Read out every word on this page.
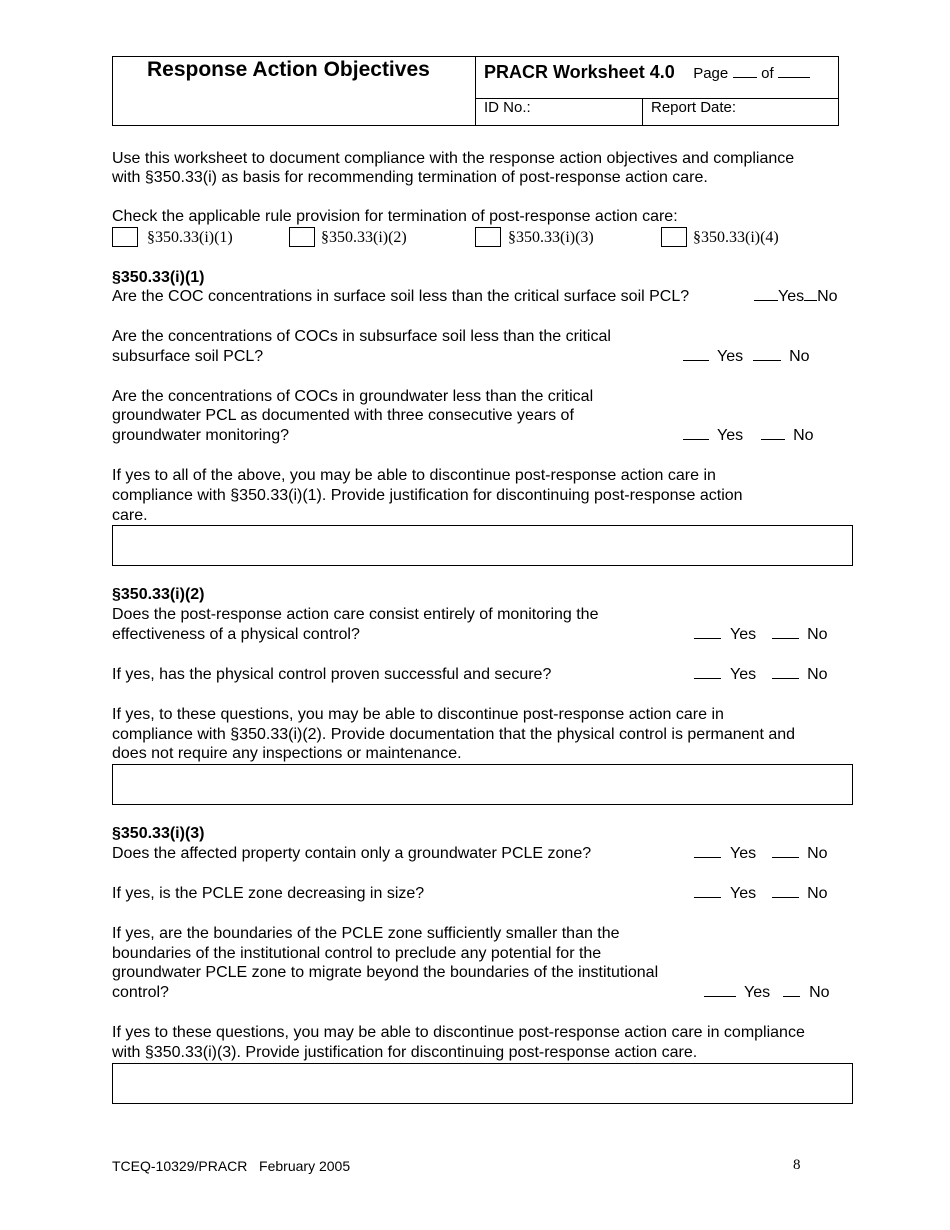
Response Action Objectives	PRACR Worksheet 4.0 Page of
ID No.:	Report Date:
Use this worksheet to document compliance with the response action objectives and compliance
with §350.33(i) as basis for recommending termination of post-response action care.
Check the applicable rule provision for termination of post-response action care:
§350.33(i)(1)	§350.33(i)(2)	§350.33(i)(3)	§350.33(i)(4)
§350.33(i)(1)
Are the COC concentrations in surface soil less than the critical surface soil PCL?	Yes No
Are the concentrations of COCs in subsurface soil less than the critical
subsurface soil PCL?	Yes	No
Are the concentrations of COCs in groundwater less than the critical
groundwater PCL as documented with three consecutive years of
groundwater monitoring?	Yes	No
If yes to all of the above, you may be able to discontinue post-response action care in
compliance with §350.33(i)(1). Provide justification for discontinuing post-response action
care.
§350.33(i)(2)
Does the post-response action care consist entirely of monitoring the
effectiveness of a physical control?	Yes	No
If yes, has the physical control proven successful and secure?	Yes	No
If yes, to these questions, you may be able to discontinue post-response action care in
compliance with §350.33(i)(2). Provide documentation that the physical control is permanent and
does not require any inspections or maintenance.
§350.33(i)(3)
Does the affected property contain only a groundwater PCLE zone?	Yes	No
If yes, is the PCLE zone decreasing in size?	Yes	No
If yes, are the boundaries of the PCLE zone sufficiently smaller than the
boundaries of the institutional control to preclude any potential for the
groundwater PCLE zone to migrate beyond the boundaries of the institutional
control?	Yes No
If yes to these questions, you may be able to discontinue post-response action care in compliance
with §350.33(i)(3). Provide justification for discontinuing post-response action care.
TCEQ-10329/PRACR   February 2005	8
